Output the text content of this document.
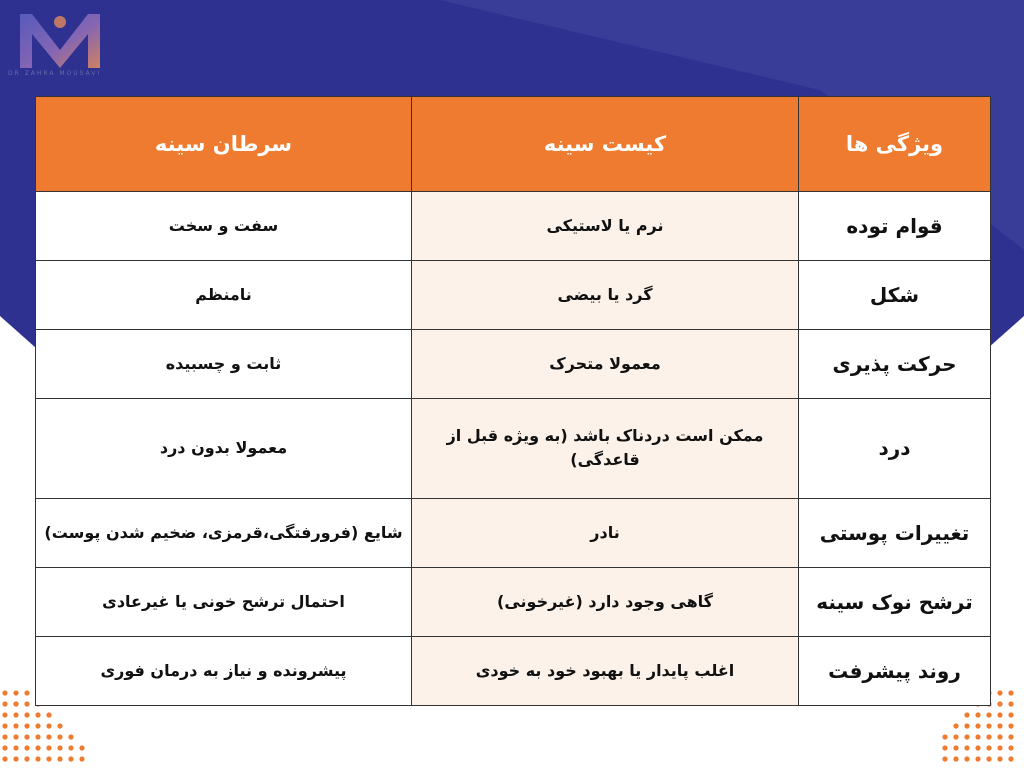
DR ZAHRA MOUSAVI
ویژگی ها	کیست سینه	سرطان سینه
قوام توده	نرم یا لاستیکی	سفت و سخت
شکل	گرد یا بیضی	نامنظم
حرکت پذیری	معمولا متحرک	ثابت و چسبیده
درد	ممکن است دردناک باشد (به ویژه قبل از قاعدگی)	معمولا بدون درد
تغییرات پوستی	نادر	شایع (فرورفتگی،قرمزی، ضخیم شدن پوست)
ترشح نوک سینه	گاهی وجود دارد (غیرخونی)	احتمال ترشح خونی یا غیرعادی
روند پیشرفت	اغلب پایدار یا بهبود خود به خودی	پیشرونده و نیاز به درمان فوری
